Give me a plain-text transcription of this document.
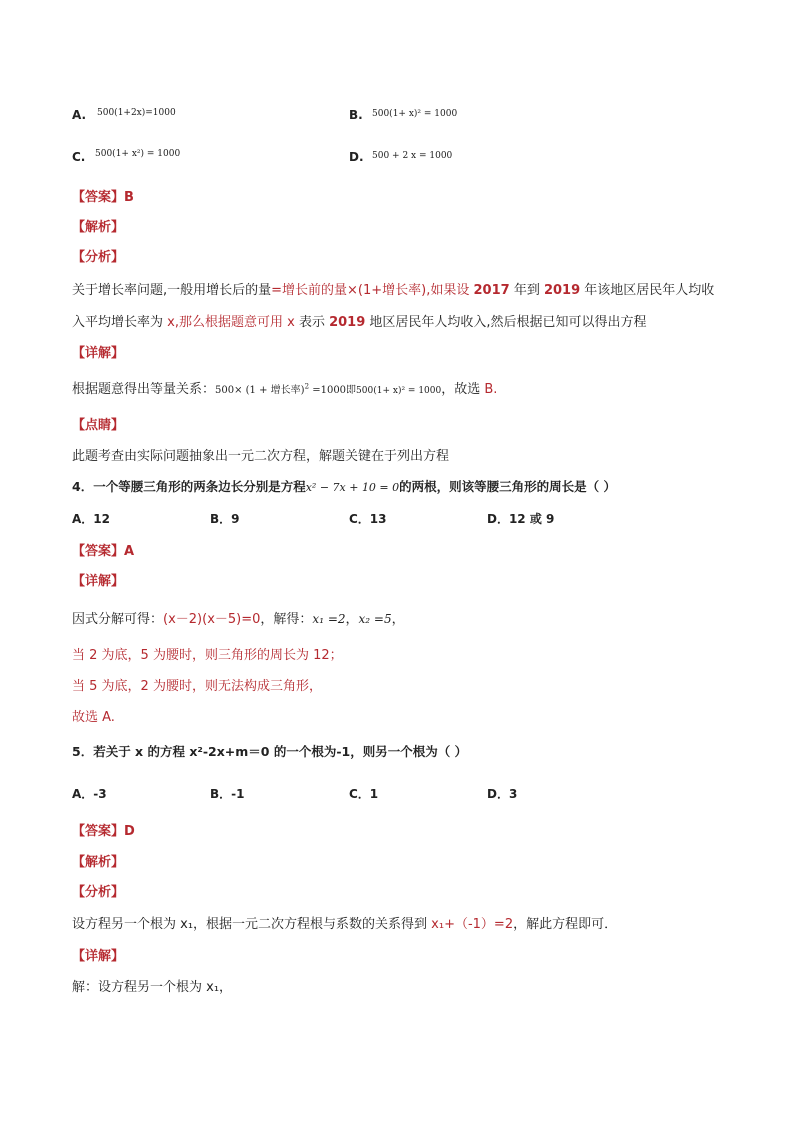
A. 500(1+2x)=1000	B. 500(1+ x)² = 1000
C. 500(1+ x²) = 1000	D. 500 + 2 x = 1000
【答案】B
【解析】
【分析】
关于增长率问题,一般用增长后的量=增长前的量×(1+增长率),如果设 2017 年到 2019 年该地区居民年人均收
入平均增长率为 x,那么根据题意可用 x 表示 2019 地区居民年人均收入,然后根据已知可以得出方程
【详解】
根据题意得出等量关系：500× (1 + 增长率)$^2$ =1000即500(1+ x)² = 1000，故选 B.
【点睛】
此题考查由实际问题抽象出一元二次方程，解题关键在于列出方程
4．一个等腰三角形的两条边长分别是方程x² − 7x + 10 = 0的两根，则该等腰三角形的周长是（ ）
A．12	B．9	C．13	D．12 或 9
【答案】A
【详解】
因式分解可得：(x－2)(x－5)=0，解得：x₁ =2，x₂ =5，
当 2 为底，5 为腰时，则三角形的周长为 12；
当 5 为底，2 为腰时，则无法构成三角形，
故选 A.
5．若关于 x 的方程 x²-2x+m＝0 的一个根为-1，则另一个根为（ ）
A．-3	B．-1	C．1	D．3
【答案】D
【解析】
【分析】
设方程另一个根为 x₁，根据一元二次方程根与系数的关系得到 x₁+（-1）=2，解此方程即可．
【详解】
解：设方程另一个根为 x₁，
